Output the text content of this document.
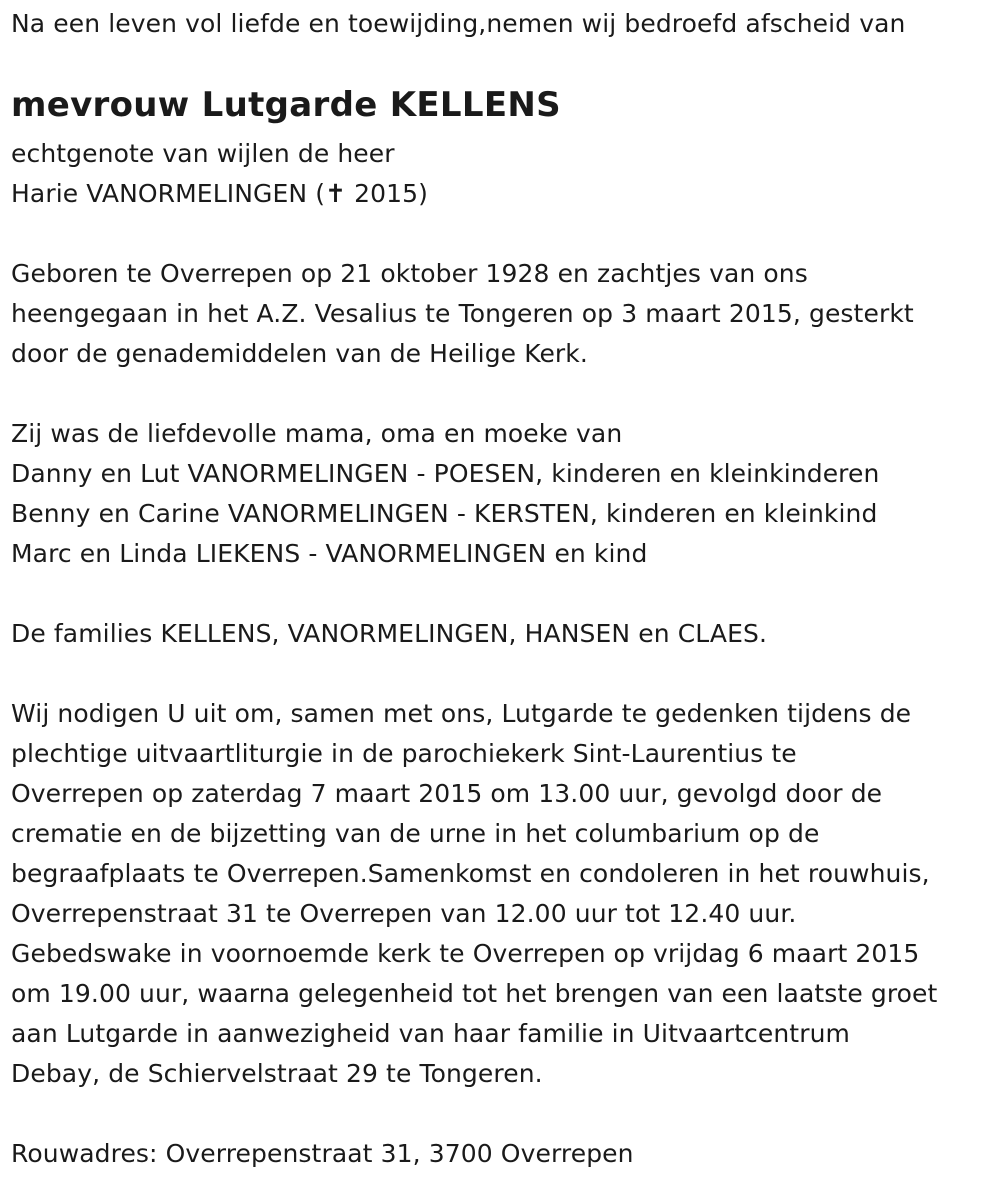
Na een leven vol liefde en toewijding,nemen wij bedroefd afscheid van
mevrouw Lutgarde KELLENS
echtgenote van wijlen de heer
Harie VANORMELINGEN (✝ 2015)
Geboren te Overrepen op 21 oktober 1928 en zachtjes van ons
heengegaan in het A.Z. Vesalius te Tongeren op 3 maart 2015, gesterkt
door de genademiddelen van de Heilige Kerk.
Zij was de liefdevolle mama, oma en moeke van
Danny en Lut VANORMELINGEN - POESEN, kinderen en kleinkinderen
Benny en Carine VANORMELINGEN - KERSTEN, kinderen en kleinkind
Marc en Linda LIEKENS - VANORMELINGEN en kind
De families KELLENS, VANORMELINGEN, HANSEN en CLAES.
Wij nodigen U uit om, samen met ons, Lutgarde te gedenken tijdens de
plechtige uitvaartliturgie in de parochiekerk Sint-Laurentius te
Overrepen op zaterdag 7 maart 2015 om 13.00 uur, gevolgd door de
crematie en de bijzetting van de urne in het columbarium op de
begraafplaats te Overrepen.Samenkomst en condoleren in het rouwhuis,
Overrepenstraat 31 te Overrepen van 12.00 uur tot 12.40 uur.
Gebedswake in voornoemde kerk te Overrepen op vrijdag 6 maart 2015
om 19.00 uur, waarna gelegenheid tot het brengen van een laatste groet
aan Lutgarde in aanwezigheid van haar familie in Uitvaartcentrum
Debay, de Schiervelstraat 29 te Tongeren.
Rouwadres: Overrepenstraat 31, 3700 Overrepen
